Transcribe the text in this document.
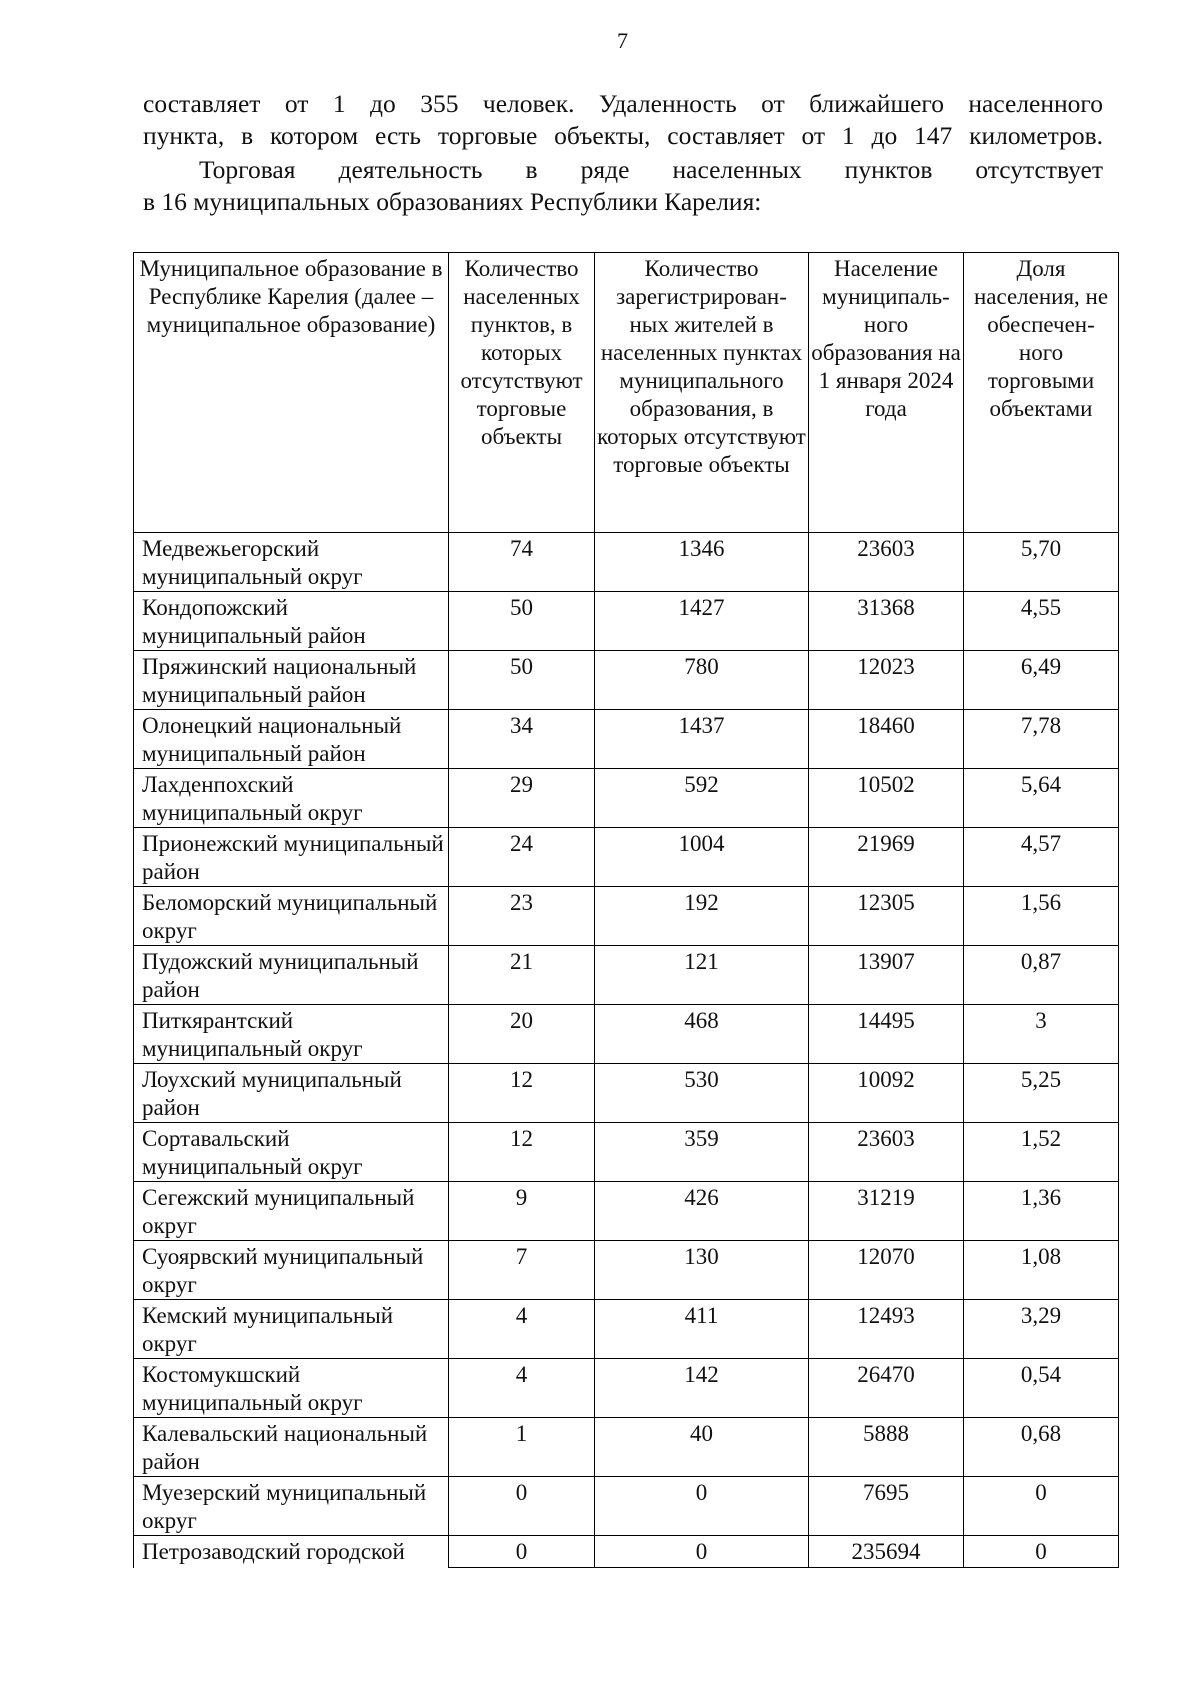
7
составляет от 1 до 355 человек. Удаленность от ближайшего населенного
пункта, в котором есть торговые объекты, составляет от 1 до 147 километров.
Торговая деятельность в ряде населенных пунктов отсутствует
в 16 муниципальных образованиях Республики Карелия:
Муниципальное образование в Республике Карелия (далее – муниципальное образование)	Количество населенных пунктов, в которых отсутствуют торговые объекты	Количество зарегистрирован-ных жителей в населенных пунктах муниципального образования, в которых отсутствуют торговые объекты	Население муниципаль-ного образования на 1 января 2024 года	Доля населения, не обеспечен-ного торговыми объектами
Медвежьегорский муниципальный округ	74	1346	23603	5,70
Кондопожский муниципальный район	50	1427	31368	4,55
Пряжинский национальный муниципальный район	50	780	12023	6,49
Олонецкий национальный муниципальный район	34	1437	18460	7,78
Лахденпохский муниципальный округ	29	592	10502	5,64
Прионежский муниципальный район	24	1004	21969	4,57
Беломорский муниципальный округ	23	192	12305	1,56
Пудожский муниципальный район	21	121	13907	0,87
Питкярантский муниципальный округ	20	468	14495	3
Лоухский муниципальный район	12	530	10092	5,25
Сортавальский муниципальный округ	12	359	23603	1,52
Сегежский муниципальный округ	9	426	31219	1,36
Суоярвский муниципальный округ	7	130	12070	1,08
Кемский муниципальный округ	4	411	12493	3,29
Костомукшский муниципальный округ	4	142	26470	0,54
Калевальский национальный район	1	40	5888	0,68
Муезерский муниципальный округ	0	0	7695	0
Петрозаводский городской	0	0	235694	0
